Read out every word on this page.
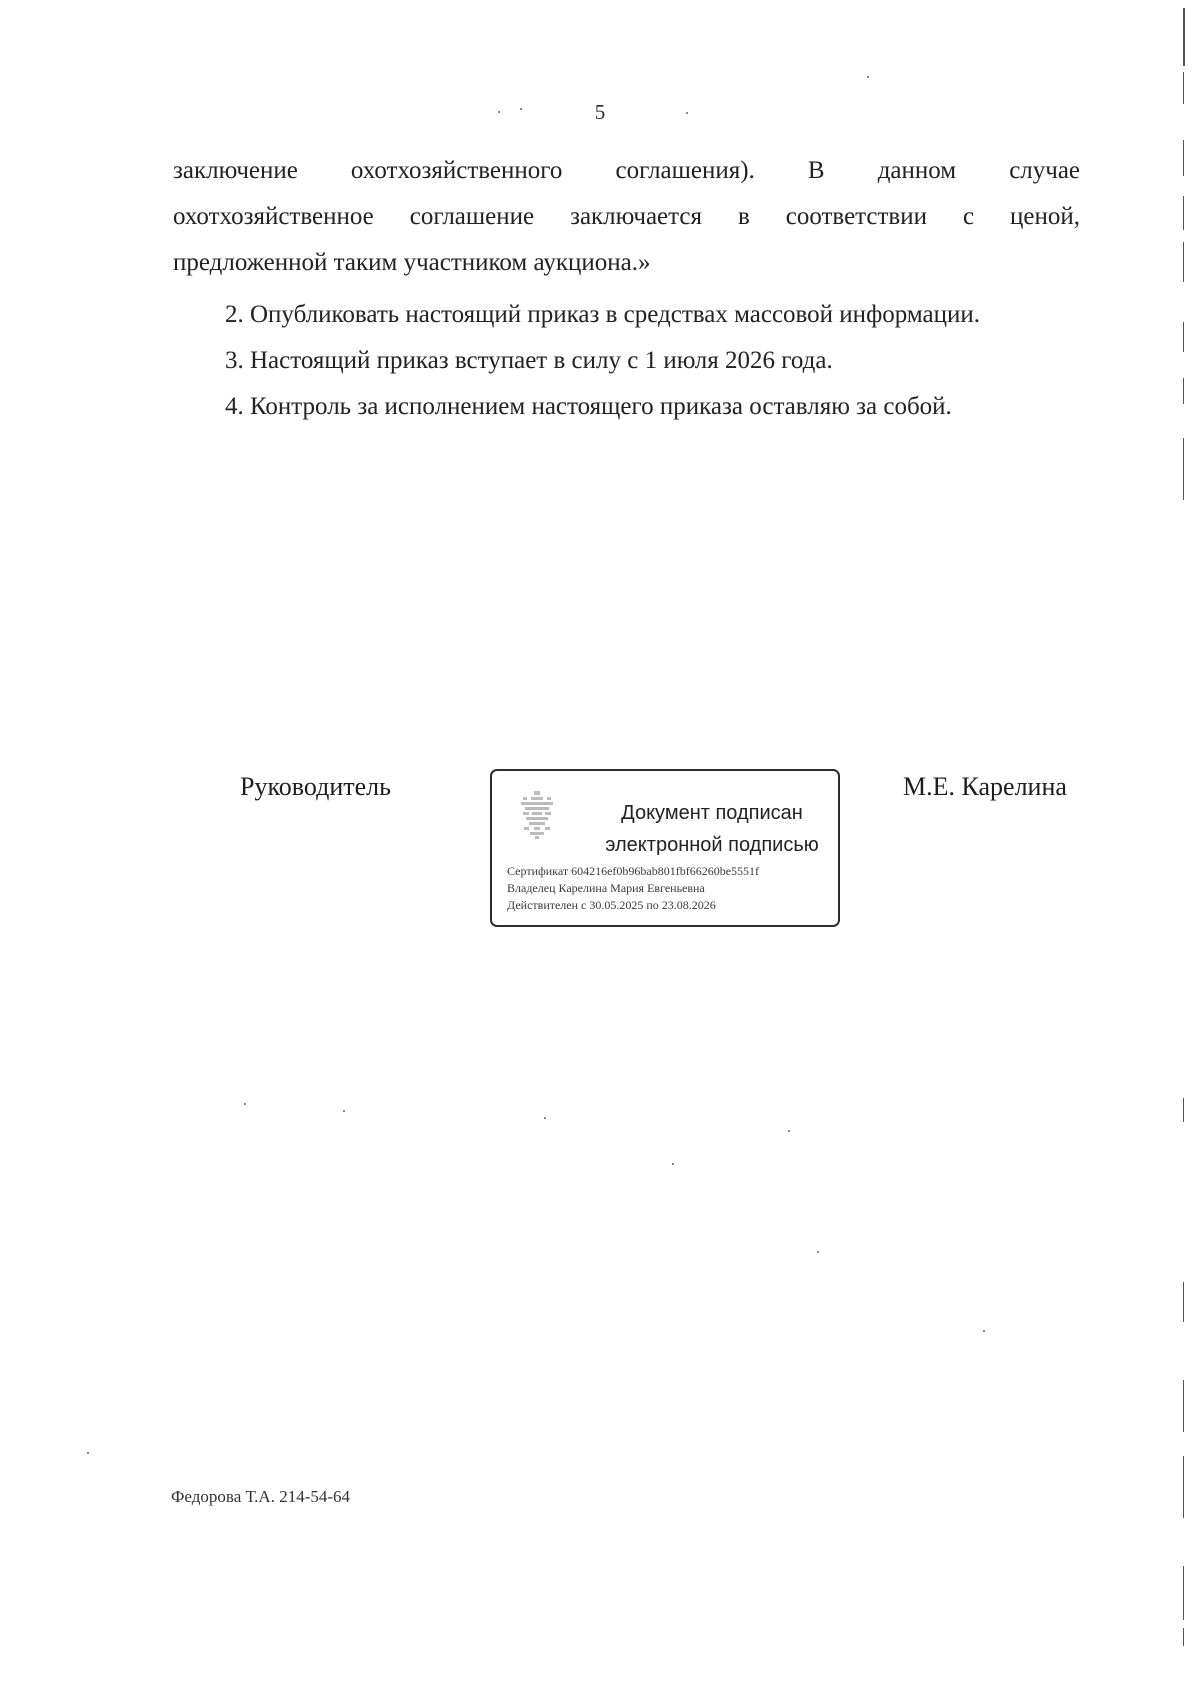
5
заключение охотхозяйственного соглашения). В данном случае
охотхозяйственное соглашение заключается в соответствии с ценой,
предложенной таким участником аукциона.»
2. Опубликовать настоящий приказ в средствах массовой информации.
3. Настоящий приказ вступает в силу с 1 июля 2026 года.
4. Контроль за исполнением настоящего приказа оставляю за собой.
Руководитель
Документ подписан
электронной подписью
Сертификат 604216ef0b96bab801fbf66260be5551f
Владелец Карелина Мария Евгеньевна
Действителен с 30.05.2025 по 23.08.2026
М.Е. Карелина
Федорова Т.А. 214-54-64
